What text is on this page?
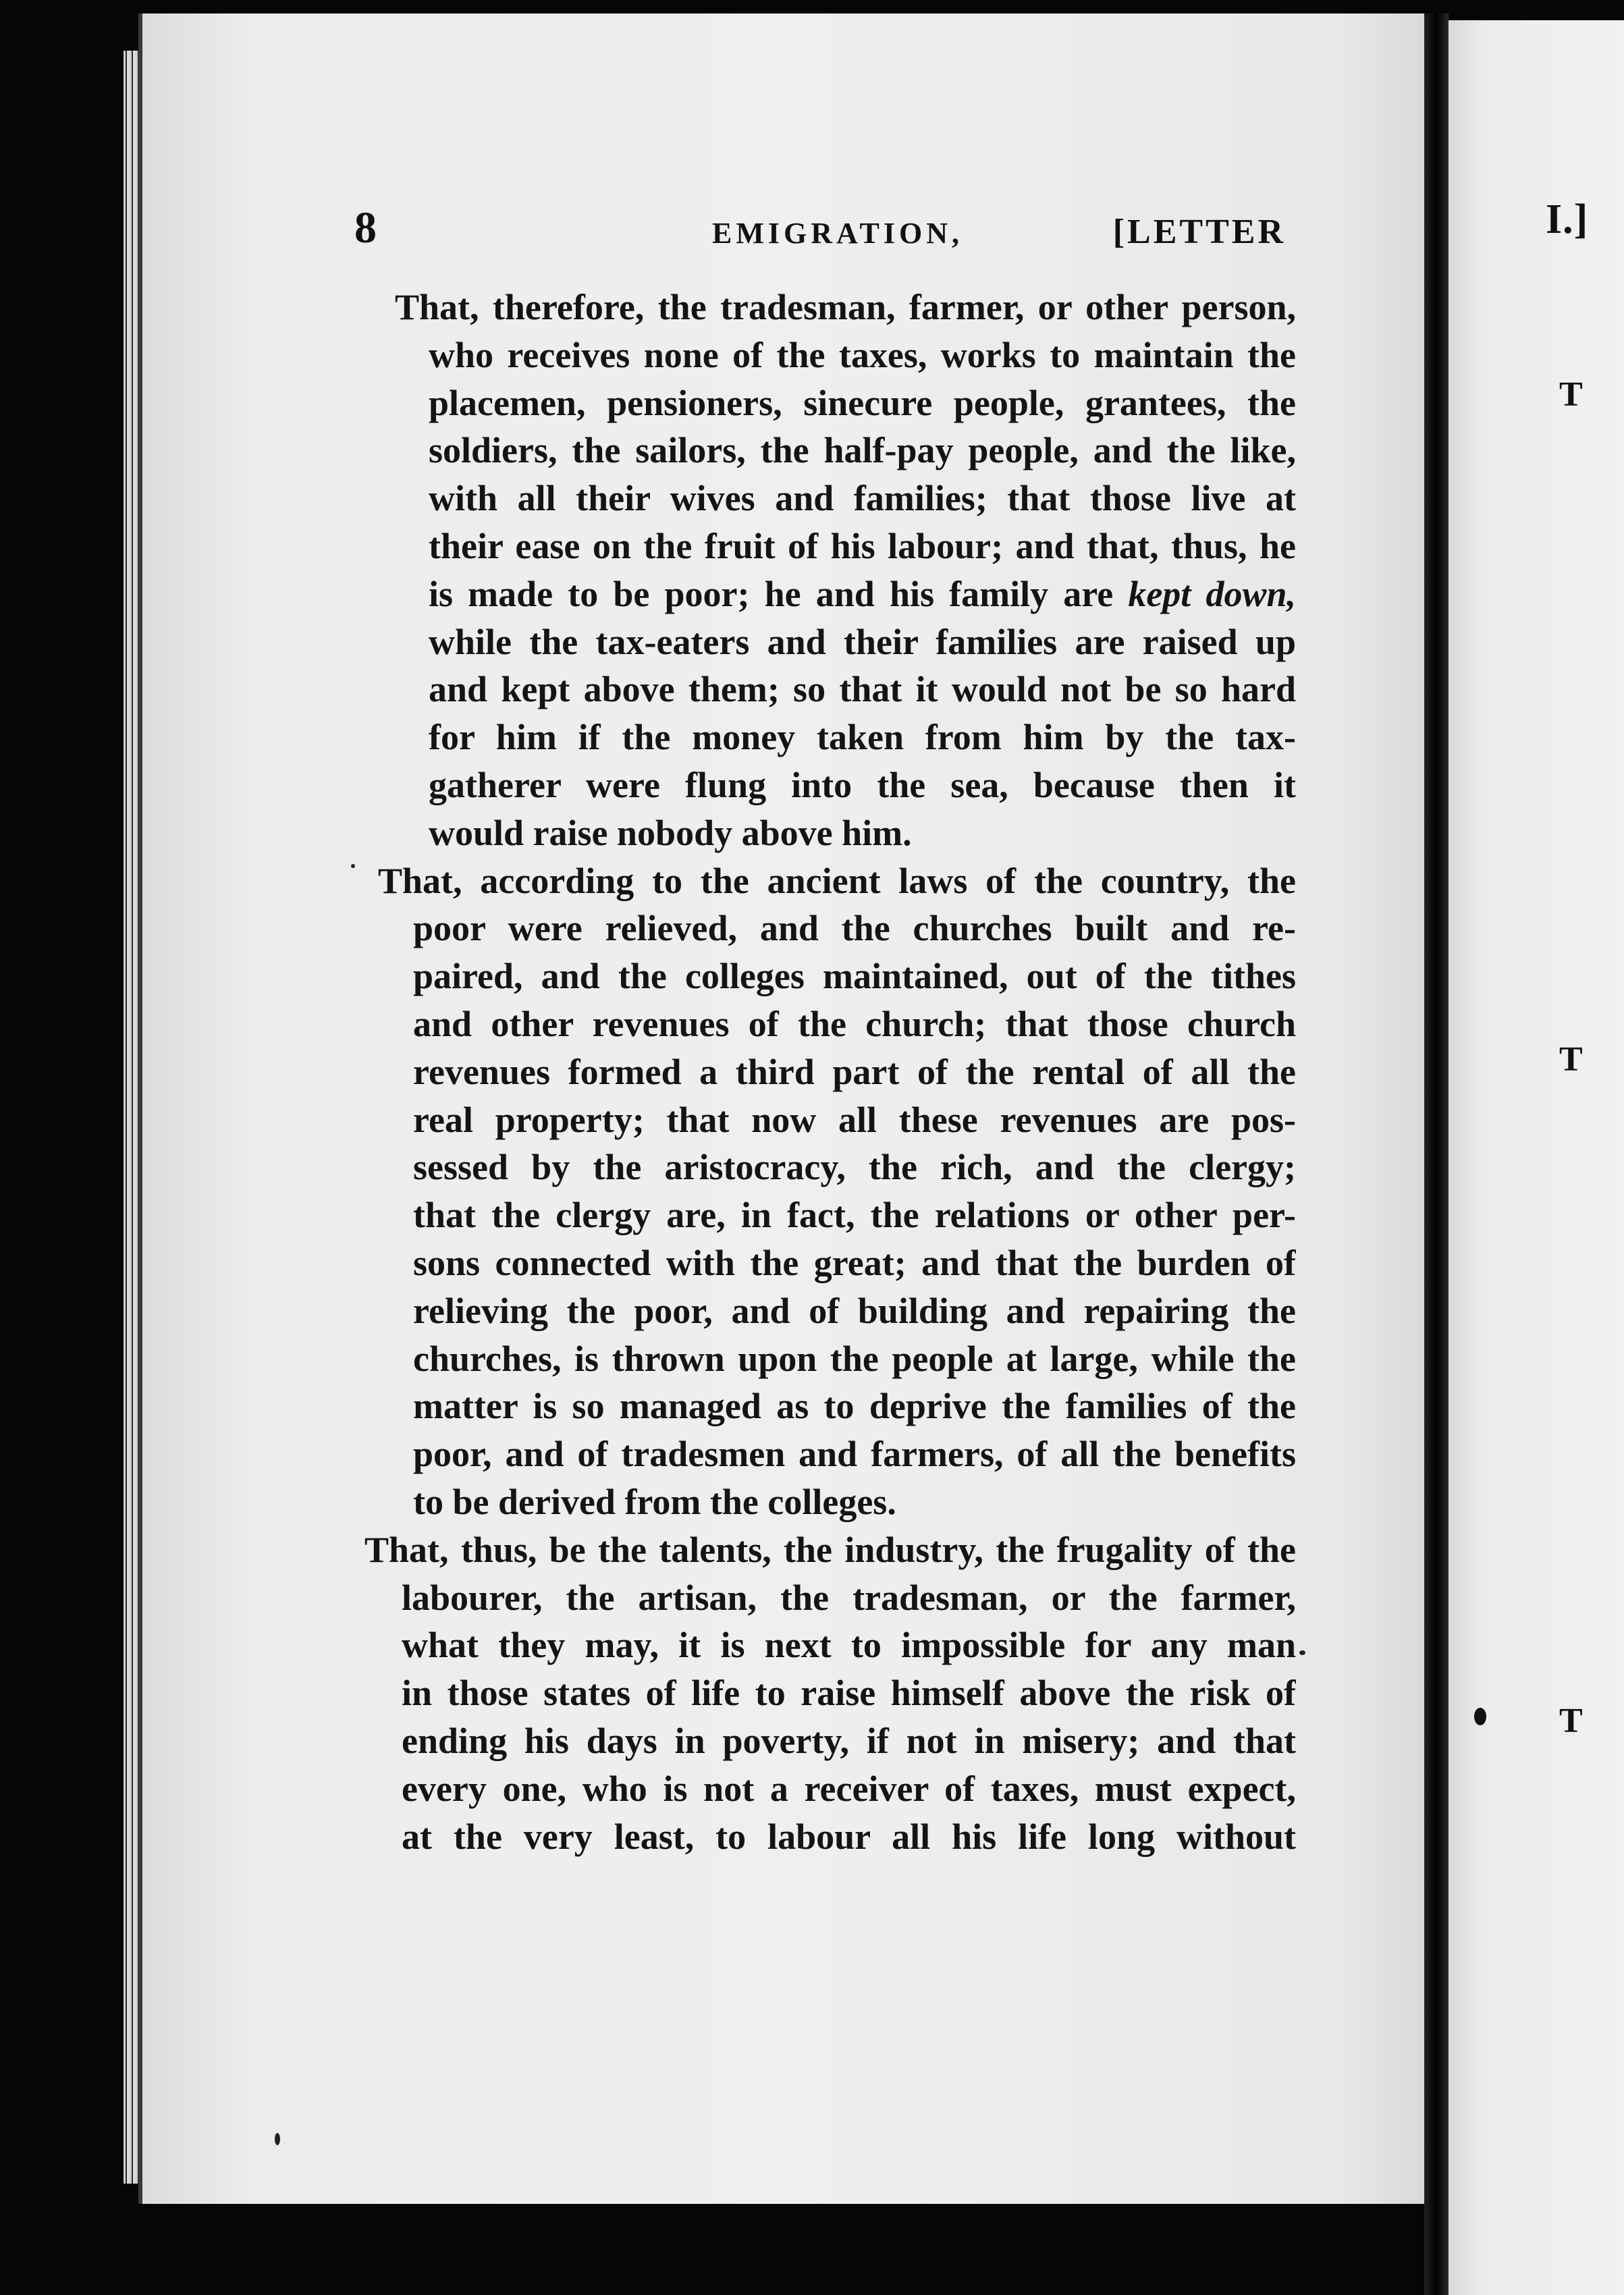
I.]
T
T
T
8	EMIGRATION,	[LETTER
That, therefore, the tradesman, farmer, or other person,
who receives none of the taxes, works to maintain the
placemen, pensioners, sinecure people, grantees, the
soldiers, the sailors, the half-pay people, and the like,
with all their wives and families; that those live at
their ease on the fruit of his labour; and that, thus, he
is made to be poor; he and his family are kept down,
while the tax-eaters and their families are raised up
and kept above them; so that it would not be so hard
for him if the money taken from him by the tax-
gatherer were flung into the sea, because then it
would raise nobody above him.
That, according to the ancient laws of the country, the
poor were relieved, and the churches built and re-
paired, and the colleges maintained, out of the tithes
and other revenues of the church; that those church
revenues formed a third part of the rental of all the
real property; that now all these revenues are pos-
sessed by the aristocracy, the rich, and the clergy;
that the clergy are, in fact, the relations or other per-
sons connected with the great; and that the burden of
relieving the poor, and of building and repairing the
churches, is thrown upon the people at large, while the
matter is so managed as to deprive the families of the
poor, and of tradesmen and farmers, of all the benefits
to be derived from the colleges.
That, thus, be the talents, the industry, the frugality of the
labourer, the artisan, the tradesman, or the farmer,
what they may, it is next to impossible for any man
in those states of life to raise himself above the risk of
ending his days in poverty, if not in misery; and that
every one, who is not a receiver of taxes, must expect,
at the very least, to labour all his life long without
